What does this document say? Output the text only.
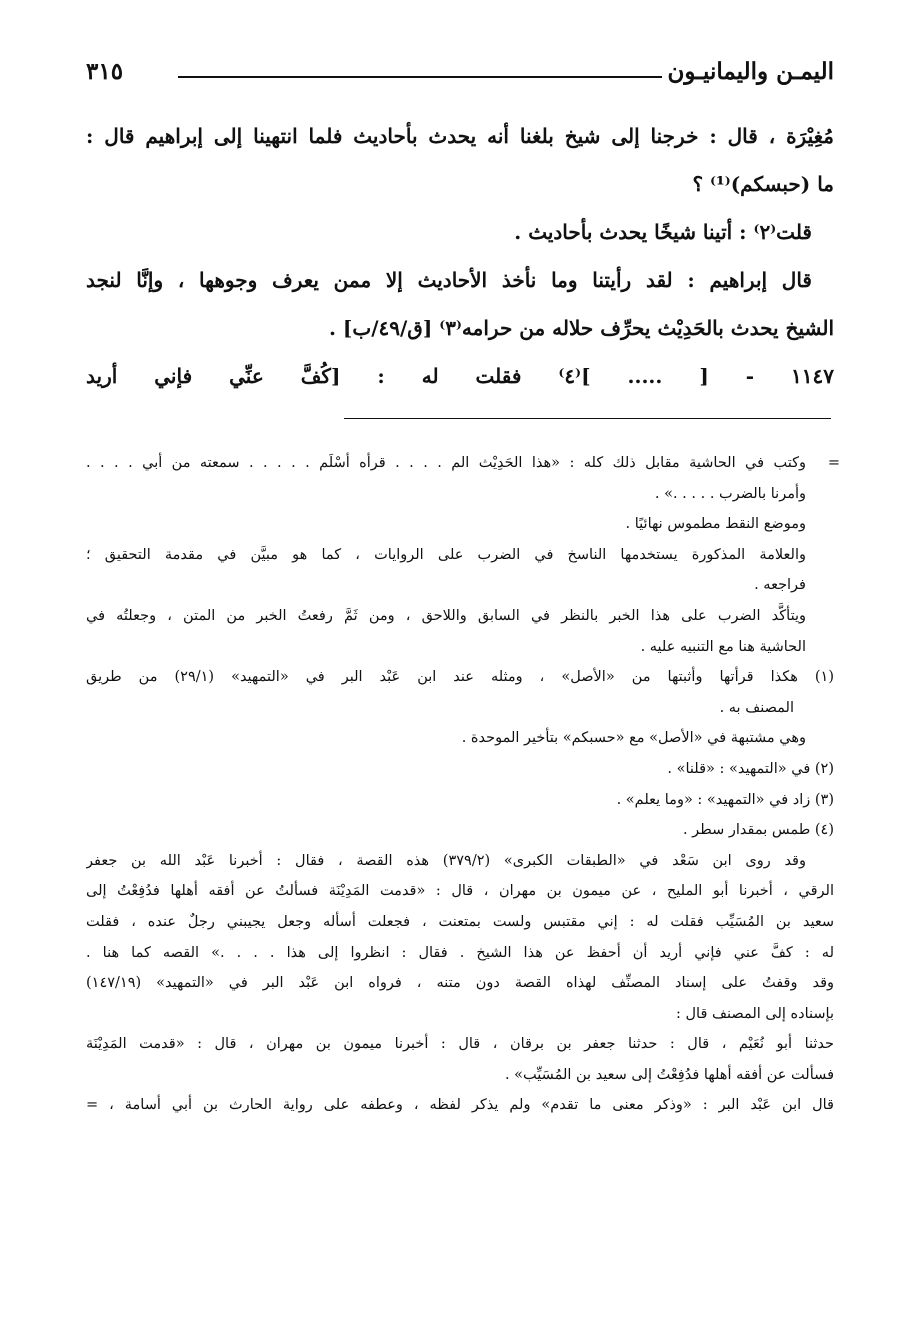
اليمـن واليمانيـون
٣١٥
مُغِيْرَة ، قال : خرجنا إلى شيخ بلغنا أنه يحدث بأحاديث فلما انتهينا إلى إبراهيم قال :
ما (حبسكم)⁽¹⁾ ؟
قلت⁽٢⁾ : أتينا شيخًا يحدث بأحاديث .
قال إبراهيم : لقد رأيتنا وما نأخذ الأحاديث إلا ممن يعرف وجوهها ، وإنَّا لنجد
الشيخ يحدث بالحَدِيْث يحرِّف حلاله من حرامه⁽٣⁾ [ق/٤٩/ب] .
١١٤٧ - [ ..... ]⁽٤⁾ فقلت له : [كُفَّ عنِّي فإني أريد
=
وكتب في الحاشية مقابل ذلك كله : «هذا الحَدِيْث الم . . . . قرأه أسْلَم . . . . . سمعته من أبي . . . .
وأمرنا بالضرب . . . . .» .
وموضع النقط مطموس نهائيًا .
والعلامة المذكورة يستخدمها الناسخ في الضرب على الروايات ، كما هو مبيَّن في مقدمة التحقيق ؛
فراجعه .
ويتأكَّد الضرب على هذا الخبر بالنظر في السابق واللاحق ، ومن ثَمَّ رفعتُ الخبر من المتن ، وجعلتُه في
الحاشية هنا مع التنبيه عليه .
(١) هكذا قرأتها وأثبتها من «الأصل» ، ومثله عند ابن عَبْد البر في «التمهيد» (٢٩/١) من طريق
المصنف به .
وهي مشتبهة في «الأصل» مع «حسبكم» بتأخير الموحدة .
(٢) في «التمهيد» : «قلنا» .
(٣) زاد في «التمهيد» : «وما يعلم» .
(٤) طمس بمقدار سطر .
وقد روى ابن سَعْد في «الطبقات الكبرى» (٣٧٩/٢) هذه القصة ، فقال : أخبرنا عَبْد الله بن جعفر
الرقي ، أخبرنا أبو المليح ، عن ميمون بن مهران ، قال : «قدمت المَدِيْنَة فسألتُ عن أفقه أهلها فدُفِعْتُ إلى
سعيد بن المُسَيِّب فقلت له : إني مقتبس ولست بمتعنت ، فجعلت أسأله وجعل يجيبني رجلٌ عنده ، فقلت
له : كفَّ عني فإني أريد أن أحفظ عن هذا الشيخ . فقال : انظروا إلى هذا . . . .» القصه كما هنا .
وقد وقفتُ على إسناد المصنِّف لهذاه القصة دون متنه ، فرواه ابن عَبْد البر في «التمهيد» (١٤٧/١٩)
بإسناده إلى المصنف قال :
حدثنا أبو نُعَيْم ، قال : حدثنا جعفر بن برقان ، قال : أخبرنا ميمون بن مهران ، قال : «قدمت المَدِيْنَة
فسألت عن أفقه أهلها فدُفِعْتُ إلى سعيد بن المُسَيِّب» .
قال ابن عَبْد البر : «وذكر معنى ما تقدم» ولم يذكر لفظه ، وعطفه على رواية الحارث بن أبي أسامة ، =
